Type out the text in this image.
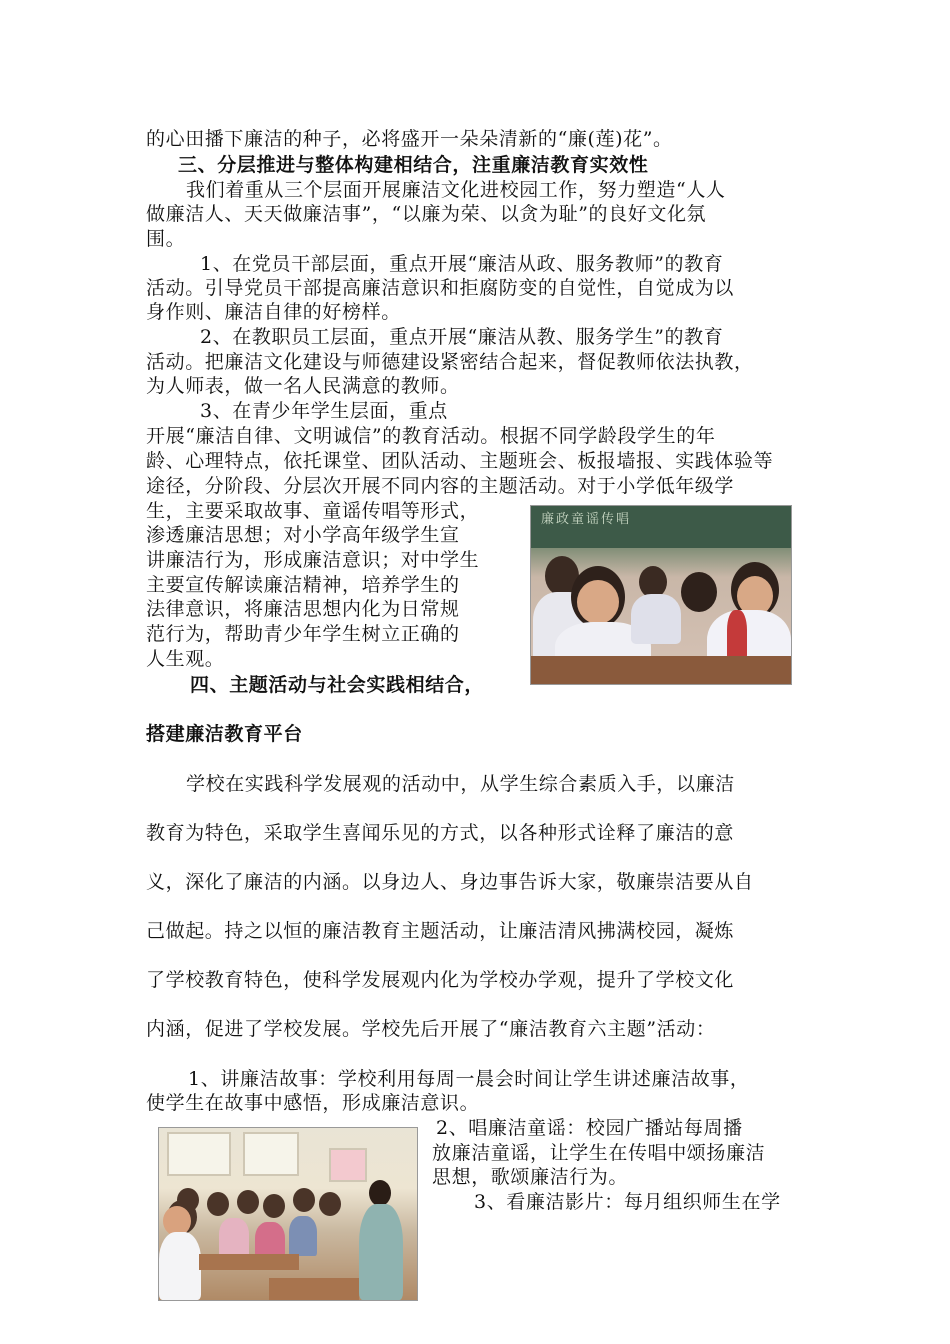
的心田播下廉洁的种子，必将盛开一朵朵清新的“廉(莲)花”。
三、分层推进与整体构建相结合，注重廉洁教育实效性
我们着重从三个层面开展廉洁文化进校园工作，努力塑造“人人
做廉洁人、天天做廉洁事”，“以廉为荣、以贪为耻”的良好文化氛
围。
1、在党员干部层面，重点开展“廉洁从政、服务教师”的教育
活动。引导党员干部提高廉洁意识和拒腐防变的自觉性，自觉成为以
身作则、廉洁自律的好榜样。
2、在教职员工层面，重点开展“廉洁从教、服务学生”的教育
活动。把廉洁文化建设与师德建设紧密结合起来，督促教师依法执教，
为人师表，做一名人民满意的教师。
3、在青少年学生层面，重点
开展“廉洁自律、文明诚信”的教育活动。根据不同学龄段学生的年
龄、心理特点，依托课堂、团队活动、主题班会、板报墙报、实践体验等
途径，分阶段、分层次开展不同内容的主题活动。对于小学低年级学
生，主要采取故事、童谣传唱等形式，
渗透廉洁思想；对小学高年级学生宣
讲廉洁行为，形成廉洁意识；对中学生
主要宣传解读廉洁精神，培养学生的
法律意识，将廉洁思想内化为日常规
范行为，帮助青少年学生树立正确的
人生观。
廉政童谣传唱
四、主题活动与社会实践相结合，
搭建廉洁教育平台
学校在实践科学发展观的活动中，从学生综合素质入手，以廉洁
教育为特色，采取学生喜闻乐见的方式，以各种形式诠释了廉洁的意
义，深化了廉洁的内涵。以身边人、身边事告诉大家，敬廉崇洁要从自
己做起。持之以恒的廉洁教育主题活动，让廉洁清风拂满校园，凝炼
了学校教育特色，使科学发展观内化为学校办学观，提升了学校文化
内涵，促进了学校发展。学校先后开展了“廉洁教育六主题”活动：
1、讲廉洁故事：学校利用每周一晨会时间让学生讲述廉洁故事，
使学生在故事中感悟，形成廉洁意识。
2、唱廉洁童谣：校园广播站每周播
放廉洁童谣，让学生在传唱中颂扬廉洁
思想，歌颂廉洁行为。
3、看廉洁影片：每月组织师生在学
